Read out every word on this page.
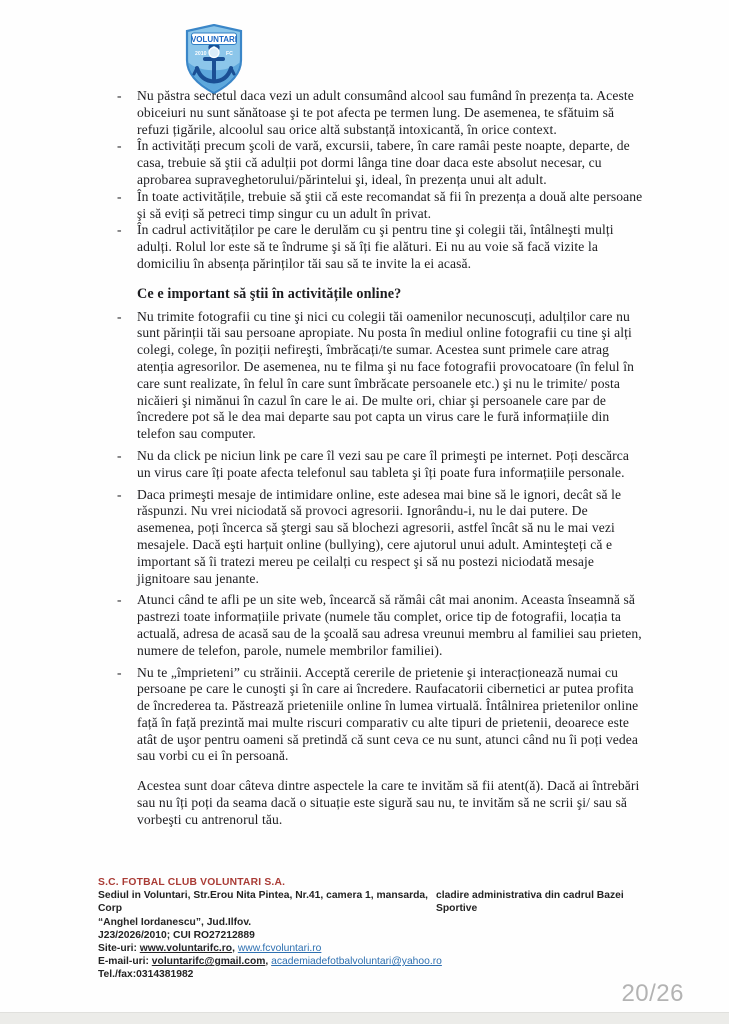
VOLUNTARI
2010	FC
- Nu păstra secretul daca vezi un adult consumând alcool sau fumând în prezența ta. Aceste obiceiuri nu sunt sănătoase şi te pot afecta pe termen lung. De asemenea, te sfătuim să refuzi țigările, alcoolul sau orice altă substanță intoxicantă, în orice context.
- În activități precum şcoli de vară, excursii, tabere, în care ramâi peste noapte, departe, de casa, trebuie să ştii că adulții pot dormi lânga tine doar daca este absolut necesar, cu aprobarea supraveghetorului/părintelui şi, ideal, în prezența unui alt adult.
- În toate activitățile, trebuie să ştii că este recomandat să fii în prezența a două alte persoane şi să eviți să petreci timp singur cu un adult în privat.
- În cadrul activităților pe care le derulăm cu şi pentru tine şi colegii tăi, întâlneşti mulți adulți. Rolul lor este să te îndrume şi să îți fie alături. Ei nu au voie să facă vizite la domiciliu în absența părinților tăi sau să te invite la ei acasă.
Ce e important să ştii în activitățile online?
- Nu trimite fotografii cu tine şi nici cu colegii tăi oamenilor necunoscuți, adulților care nu sunt părinții tăi sau persoane apropiate. Nu posta în mediul online fotografii cu tine şi alți colegi, colege, în poziții nefireşti, îmbrăcați/te sumar. Acestea sunt primele care atrag atenția agresorilor. De asemenea, nu te filma şi nu face fotografii provocatoare (în felul în care sunt realizate, în felul în care sunt îmbrăcate persoanele etc.) şi nu le trimite/ posta nicăieri şi nimănui în cazul în care le ai. De multe ori, chiar şi persoanele care par de încredere pot să le dea mai departe sau pot capta un virus care le fură informațiile din telefon sau computer.
- Nu da click pe niciun link pe care îl vezi sau pe care îl primeşti pe internet. Poți descărca un virus care îți poate afecta telefonul sau tableta şi îți poate fura informațiile personale.
- Daca primeşti mesaje de intimidare online, este adesea mai bine să le ignori, decât să le răspunzi. Nu vrei niciodată să provoci agresorii. Ignorându-i, nu le dai putere. De asemenea, poți încerca să ştergi sau să blochezi agresorii, astfel încât să nu le mai vezi mesajele. Dacă eşti harțuit online (bullying), cere ajutorul unui adult. Aminteşteți că e important să îi tratezi mereu pe ceilalți cu respect şi să nu postezi niciodată mesaje jignitoare sau jenante.
- Atunci când te afli pe un site web, încearcă să rămâi cât mai anonim. Aceasta înseamnă să pastrezi toate informațiile private (numele tău complet, orice tip de fotografii, locația ta actuală, adresa de acasă sau de la şcoală sau adresa vreunui membru al familiei sau prieten, numere de telefon, parole, numele membrilor familiei).
- Nu te „împrieteni” cu străinii. Acceptă cererile de prietenie şi interacționează numai cu persoane pe care le cunoşti şi în care ai încredere. Raufacatorii cibernetici ar putea profita de încrederea ta. Păstrează prieteniile online în lumea virtuală. Întâlnirea prietenilor online față în față prezintă mai multe riscuri comparativ cu alte tipuri de prietenii, deoarece este atât de uşor pentru oameni să pretindă că sunt ceva ce nu sunt, atunci când nu îi poți vedea sau vorbi cu ei în persoană.

Acestea sunt doar câteva dintre aspectele la care te invităm să fii atent(ă). Dacă ai întrebări sau nu îți poți da seama dacă o situație este sigură sau nu, te invităm să ne scrii şi/ sau să vorbeşti cu antrenorul tău.

S.C. FOTBAL CLUB VOLUNTARI S.A.
Sediul in Voluntari, Str.Erou Nita Pintea, Nr.41, camera 1, mansarda, Corp
cladire administrativa din cadrul Bazei Sportive
“Anghel Iordanescu”, Jud.Ilfov.
J23/2026/2010; CUI RO27212889
Site-uri: www.voluntarifc.ro, www.fcvoluntari.ro
E-mail-uri: voluntarifc@gmail.com, academiadefotbalvoluntari@yahoo.ro
Tel./fax:0314381982
20/26
